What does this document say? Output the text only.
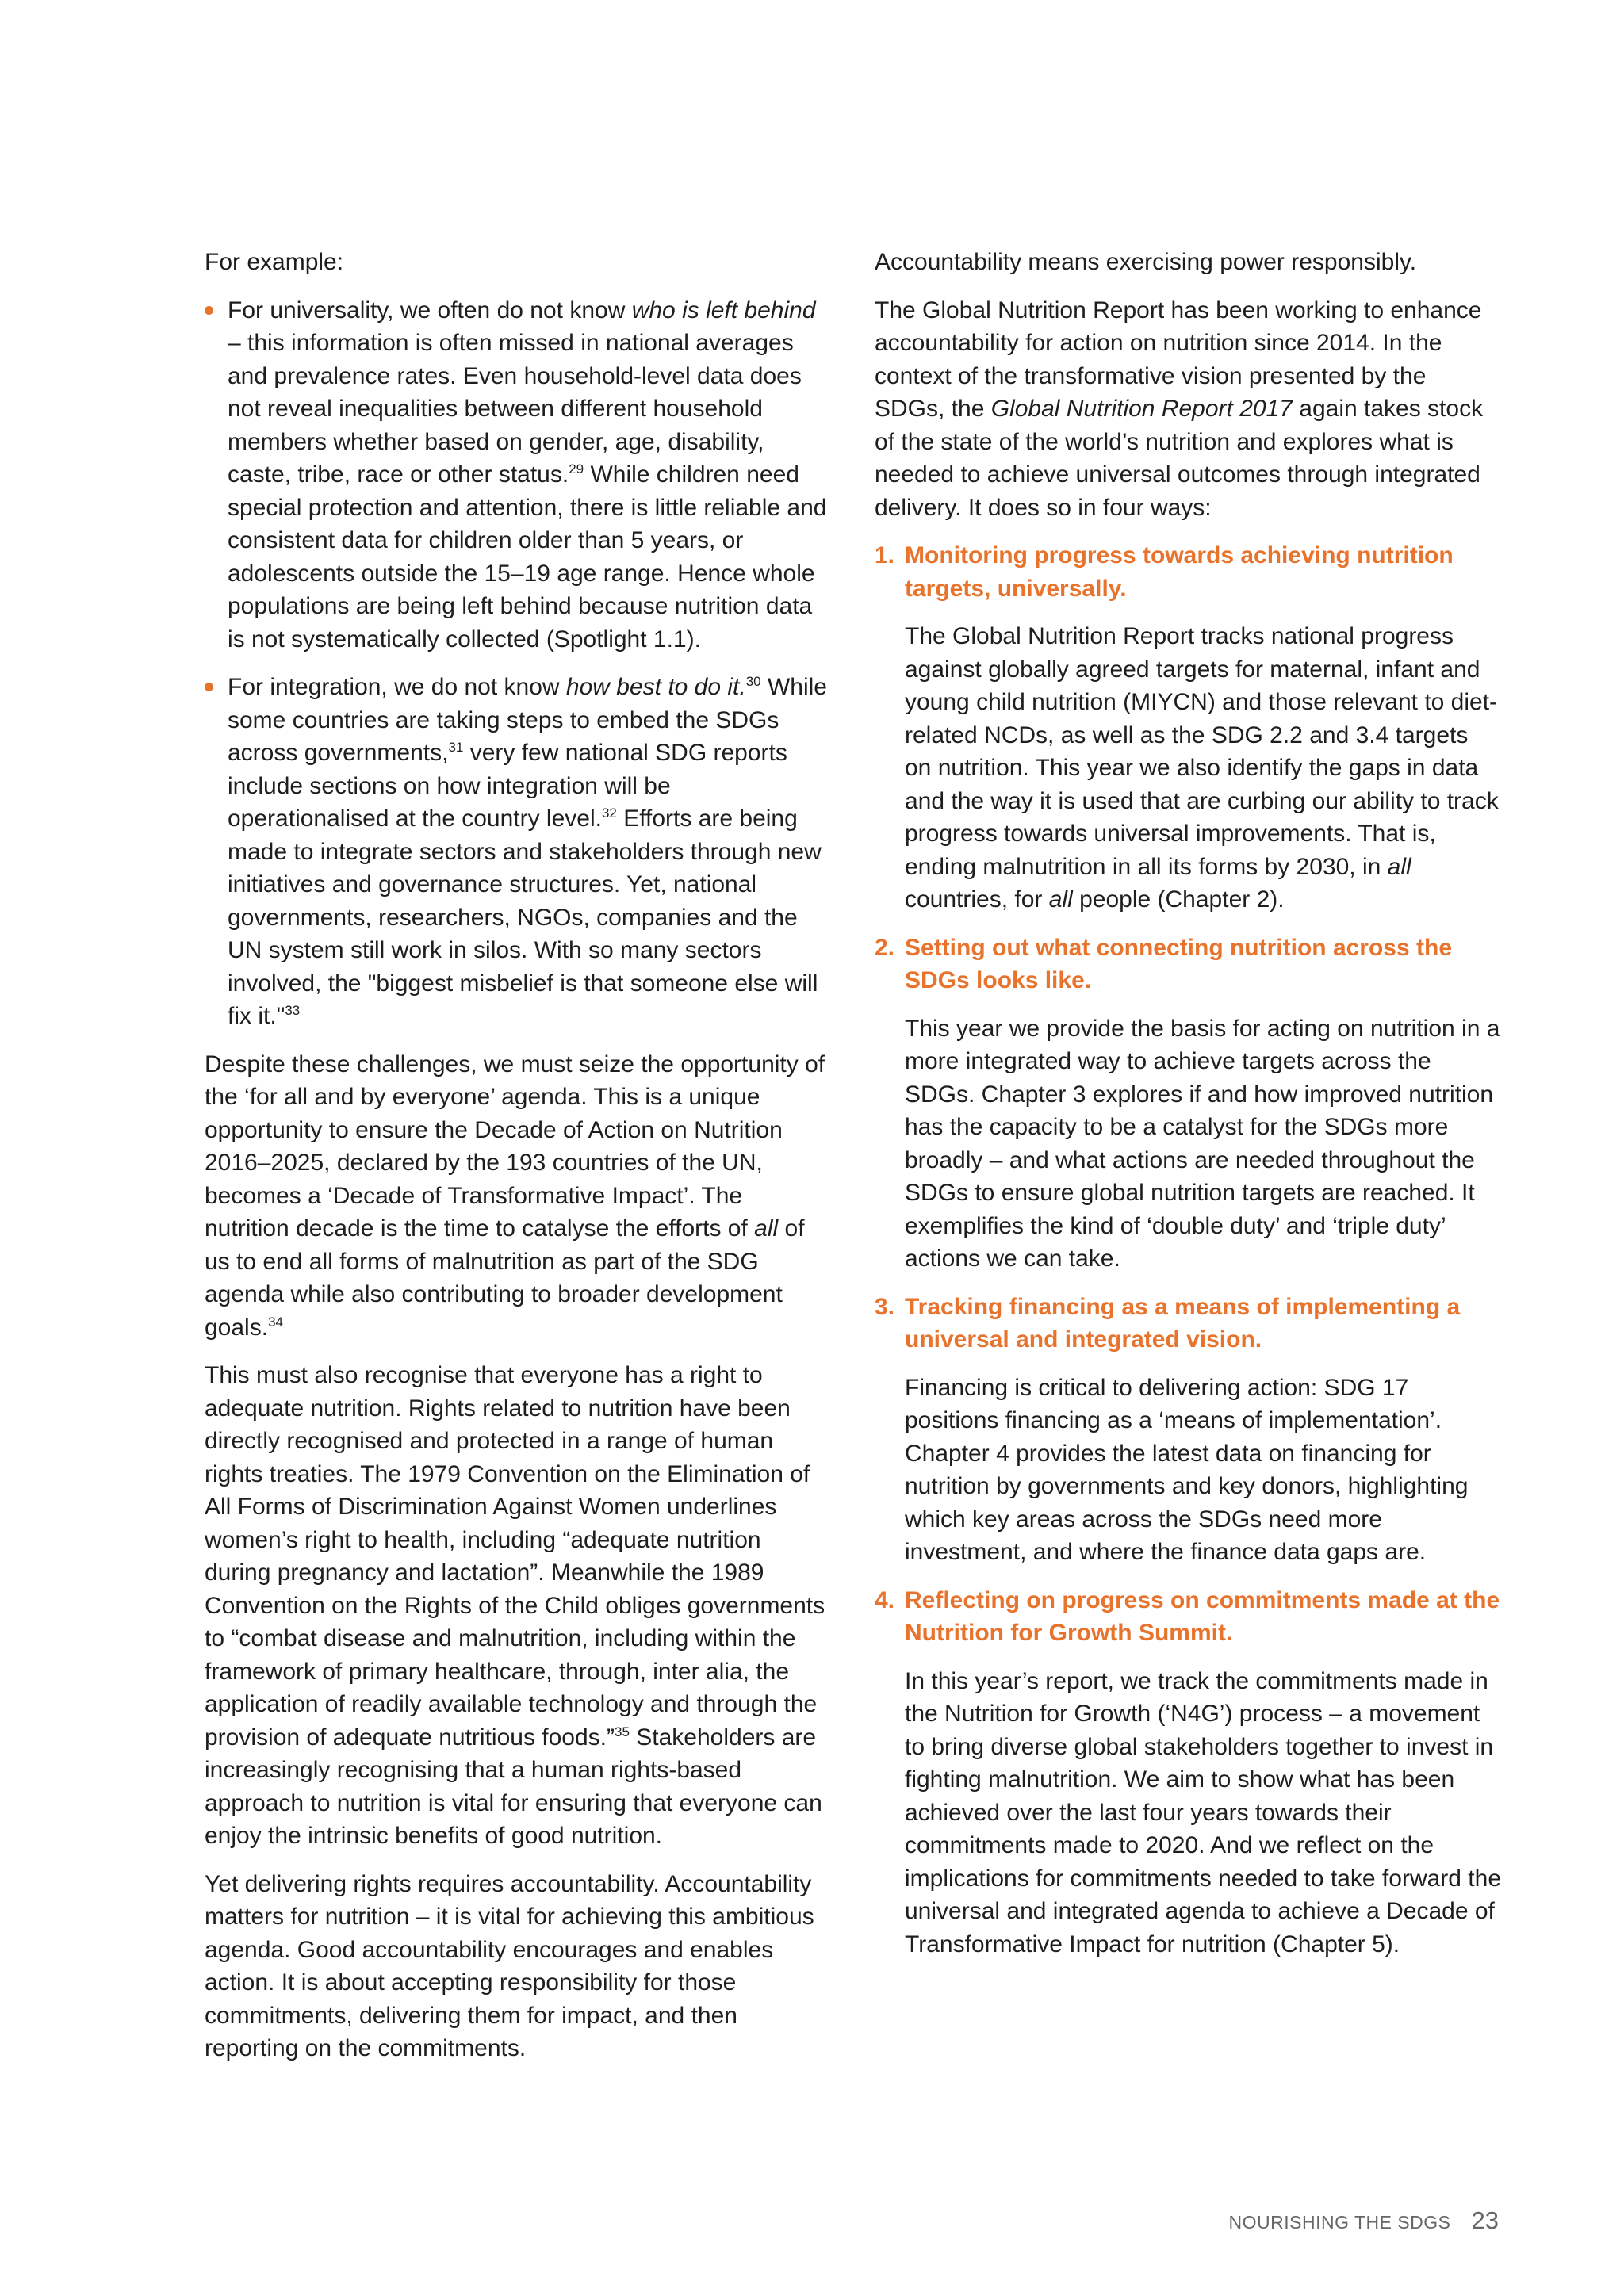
For example:

For universality, we often do not know who is left behind – this information is often missed in national averages and prevalence rates. Even household-level data does not reveal inequalities between different household members whether based on gender, age, disability, caste, tribe, race or other status.$^{29}$ While children need special protection and attention, there is little reliable and consistent data for children older than 5 years, or adolescents outside the 15–19 age range. Hence whole populations are being left behind because nutrition data is not systematically collected (Spotlight 1.1).
For integration, we do not know how best to do it.$^{30}$ While some countries are taking steps to embed the SDGs across governments,$^{31}$ very few national SDG reports include sections on how integration will be operationalised at the country level.$^{32}$ Efforts are being made to integrate sectors and stakeholders through new initiatives and governance structures. Yet, national governments, researchers, NGOs, companies and the UN system still work in silos. With so many sectors involved, the "biggest misbelief is that someone else will fix it."$^{33}$

Despite these challenges, we must seize the opportunity of the ‘for all and by everyone’ agenda. This is a unique opportunity to ensure the Decade of Action on Nutrition 2016–2025, declared by the 193 countries of the UN, becomes a ‘Decade of Transformative Impact’. The nutrition decade is the time to catalyse the efforts of all of us to end all forms of malnutrition as part of the SDG agenda while also contributing to broader development goals.$^{34}$

This must also recognise that everyone has a right to adequate nutrition. Rights related to nutrition have been directly recognised and protected in a range of human rights treaties. The 1979 Convention on the Elimination of All Forms of Discrimination Against Women underlines women’s right to health, including “adequate nutrition during pregnancy and lactation”. Meanwhile the 1989 Convention on the Rights of the Child obliges governments to “combat disease and malnutrition, including within the framework of primary healthcare, through, inter alia, the application of readily available technology and through the provision of adequate nutritious foods.”$^{35}$ Stakeholders are increasingly recognising that a human rights-based approach to nutrition is vital for ensuring that everyone can enjoy the intrinsic benefits of good nutrition.

Yet delivering rights requires accountability. Accountability matters for nutrition – it is vital for achieving this ambitious agenda. Good accountability encourages and enables action. It is about accepting responsibility for those commitments, delivering them for impact, and then reporting on the commitments.

Accountability means exercising power responsibly.

The Global Nutrition Report has been working to enhance accountability for action on nutrition since 2014. In the context of the transformative vision presented by the SDGs, the Global Nutrition Report 2017 again takes stock of the state of the world’s nutrition and explores what is needed to achieve universal outcomes through integrated delivery. It does so in four ways:

1. Monitoring progress towards achieving nutrition targets, universally.

The Global Nutrition Report tracks national progress against globally agreed targets for maternal, infant and young child nutrition (MIYCN) and those relevant to diet-related NCDs, as well as the SDG 2.2 and 3.4 targets on nutrition. This year we also identify the gaps in data and the way it is used that are curbing our ability to track progress towards universal improvements. That is, ending malnutrition in all its forms by 2030, in all countries, for all people (Chapter 2).

2. Setting out what connecting nutrition across the SDGs looks like.

This year we provide the basis for acting on nutrition in a more integrated way to achieve targets across the SDGs. Chapter 3 explores if and how improved nutrition has the capacity to be a catalyst for the SDGs more broadly – and what actions are needed throughout the SDGs to ensure global nutrition targets are reached. It exemplifies the kind of ‘double duty’ and ‘triple duty’ actions we can take.

3. Tracking financing as a means of implementing a universal and integrated vision.

Financing is critical to delivering action: SDG 17 positions financing as a ‘means of implementation’. Chapter 4 provides the latest data on financing for nutrition by governments and key donors, highlighting which key areas across the SDGs need more investment, and where the finance data gaps are.

4. Reflecting on progress on commitments made at the Nutrition for Growth Summit.

In this year’s report, we track the commitments made in the Nutrition for Growth (‘N4G’) process – a movement to bring diverse global stakeholders together to invest in fighting malnutrition. We aim to show what has been achieved over the last four years towards their commitments made to 2020. And we reflect on the implications for commitments needed to take forward the universal and integrated agenda to achieve a Decade of Transformative Impact for nutrition (Chapter 5).

NOURISHING THE SDGS 23
